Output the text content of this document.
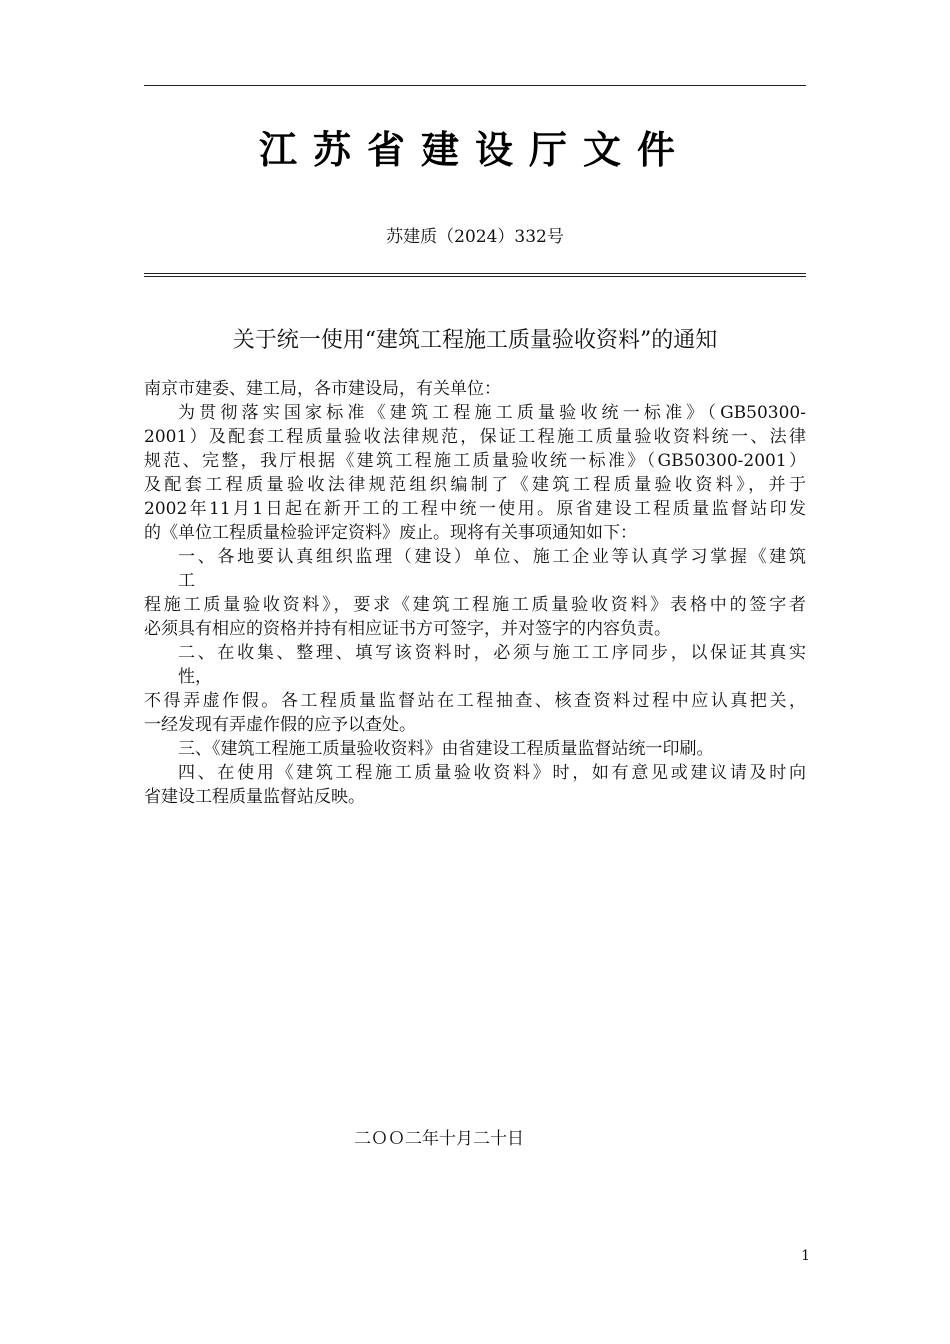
江苏省建设厅文件
苏建质（2024）332号
关于统一使用“建筑工程施工质量验收资料”的通知

南京市建委、建工局，各市建设局，有关单位：

为贯彻落实国家标准《建筑工程施工质量验收统一标准》（GB50300-

2001）及配套工程质量验收法律规范，保证工程施工质量验收资料统一、法律

规范、完整，我厅根据《建筑工程施工质量验收统一标准》（GB50300-2001）

及配套工程质量验收法律规范组织编制了《建筑工程质量验收资料》，并于

2002年11月1日起在新开工的工程中统一使用。原省建设工程质量监督站印发

的《单位工程质量检验评定资料》废止。现将有关事项通知如下：

一、各地要认真组织监理（建设）单位、施工企业等认真学习掌握《建筑

工

程施工质量验收资料》，要求《建筑工程施工质量验收资料》表格中的签字者

必须具有相应的资格并持有相应证书方可签字，并对签字的内容负责。

二、在收集、整理、填写该资料时，必须与施工工序同步，以保证其真实

性，

不得弄虚作假。各工程质量监督站在工程抽查、核查资料过程中应认真把关，

一经发现有弄虚作假的应予以查处。

三、《建筑工程施工质量验收资料》由省建设工程质量监督站统一印刷。

四、在使用《建筑工程施工质量验收资料》时，如有意见或建议请及时向

省建设工程质量监督站反映。

二ＯＯ二年十月二十日
1
